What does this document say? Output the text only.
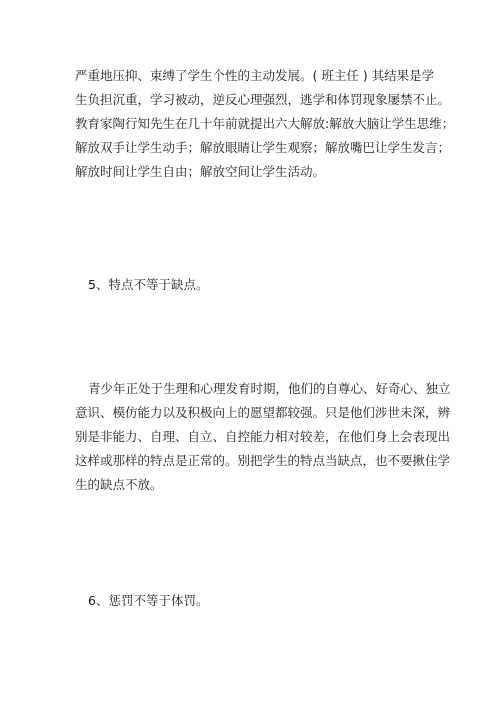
严重地压抑、束缚了学生个性的主动发展。( 班主任 ) 其结果是学
生负担沉重，学习被动，逆反心理强烈，逃学和体罚现象屡禁不止。
教育家陶行知先生在几十年前就提出六大解放:解放大脑让学生思维；
解放双手让学生动手；解放眼睛让学生观察；解放嘴巴让学生发言；
解放时间让学生自由；解放空间让学生活动。

5、特点不等于缺点。

青少年正处于生理和心理发育时期，他们的自尊心、好奇心、独立
意识、模仿能力以及积极向上的愿望都较强。只是他们涉世未深，辨
别是非能力、自理、自立、自控能力相对较差，在他们身上会表现出
这样或那样的特点是正常的。别把学生的特点当缺点，也不要揪住学
生的缺点不放。

6、惩罚不等于体罚。
